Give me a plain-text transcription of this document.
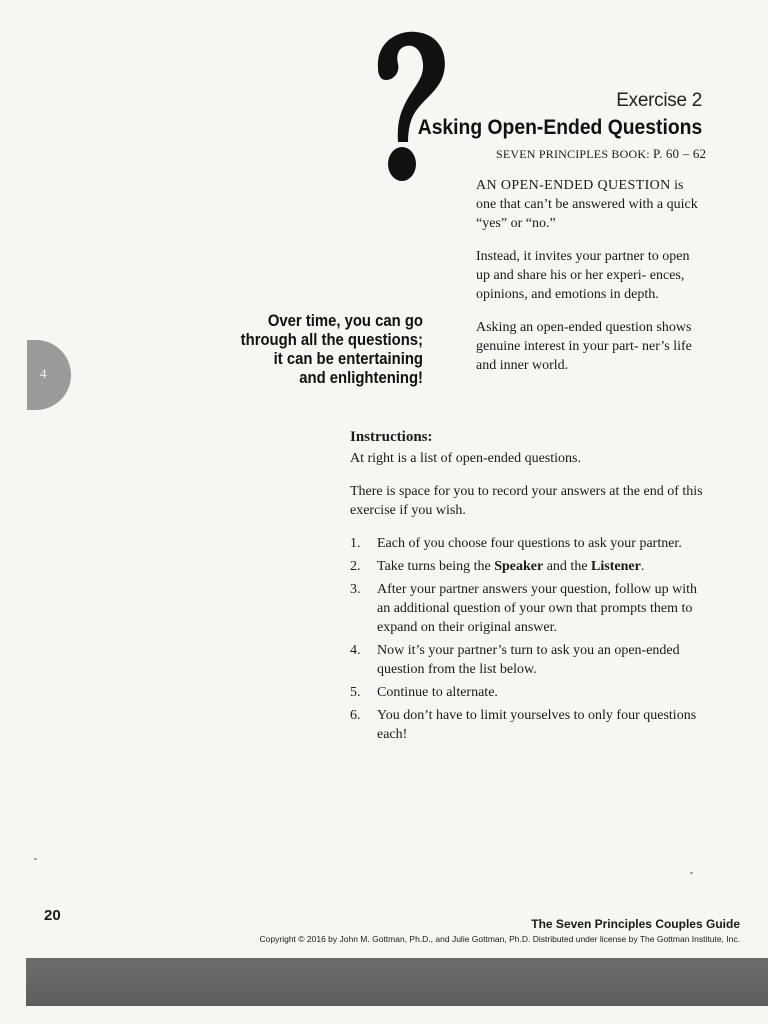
Exercise 2
Asking Open-Ended Questions
SEVEN PRINCIPLES BOOK: P. 60 – 62

AN OPEN-ENDED QUESTION is one that can’t be answered with a quick “yes” or “no.”

Instead, it invites your partner to open up and share his or her experi- ences, opinions, and emotions in depth.

Asking an open-ended question shows genuine interest in your part- ner’s life and inner world.

Over time, you can go
through all the questions;
it can be entertaining
and enlightening!
4
Instructions:

At right is a list of open-ended questions.

There is space for you to record your answers at the end of this exercise if you wish.

1. Each of you choose four questions to ask your partner.
2. Take turns being the Speaker and the Listener.
3. After your partner answers your question, follow up with an additional question of your own that prompts them to expand on their original answer.
4. Now it’s your partner’s turn to ask you an open-ended question from the list below.
5. Continue to alternate.
6. You don’t have to limit yourselves to only four questions each!
20	The Seven Principles Couples Guide
Copyright © 2016 by John M. Gottman, Ph.D., and Julie Gottman, Ph.D. Distributed under license by The Gottman Institute, Inc.
